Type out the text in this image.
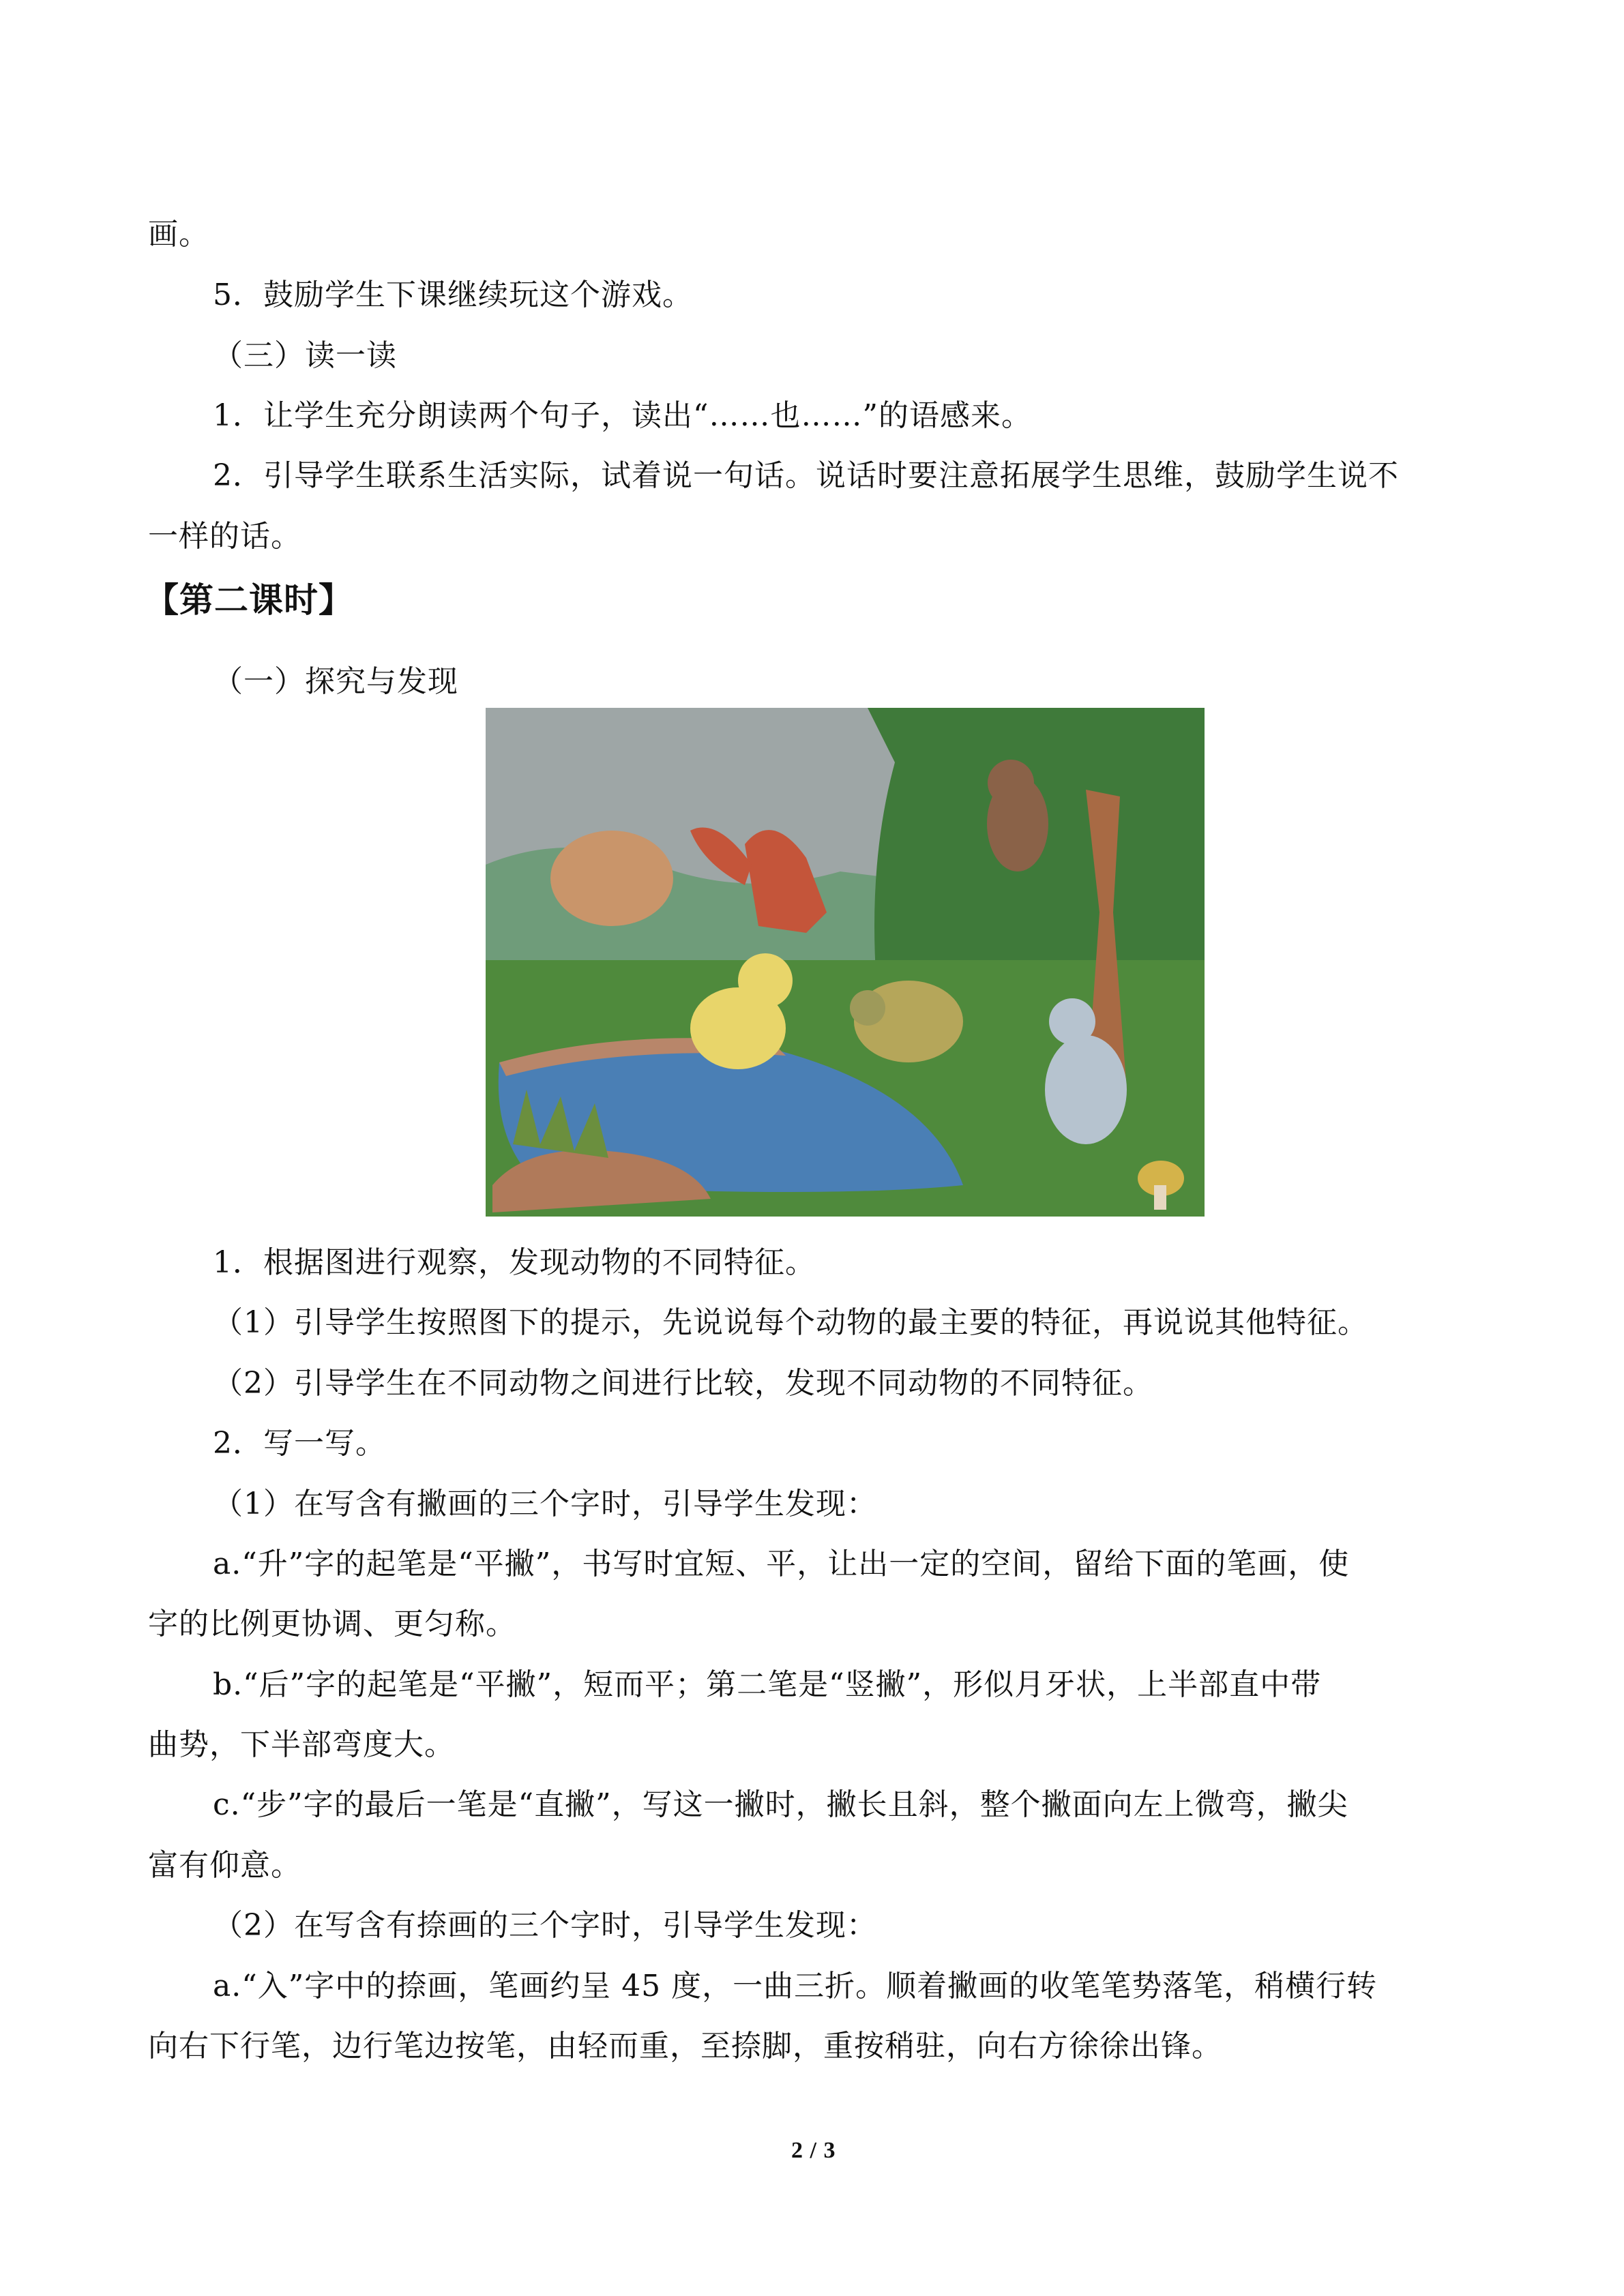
画。
5．鼓励学生下课继续玩这个游戏。
（三）读一读
1．让学生充分朗读两个句子，读出“……也……”的语感来。
2．引导学生联系生活实际，试着说一句话。说话时要注意拓展学生思维，鼓励学生说不
一样的话。
【第二课时】
（一）探究与发现
1．根据图进行观察，发现动物的不同特征。
（1）引导学生按照图下的提示，先说说每个动物的最主要的特征，再说说其他特征。
（2）引导学生在不同动物之间进行比较，发现不同动物的不同特征。
2．写一写。
（1）在写含有撇画的三个字时，引导学生发现：
a.“升”字的起笔是“平撇”，书写时宜短、平，让出一定的空间，留给下面的笔画，使
字的比例更协调、更匀称。
b.“后”字的起笔是“平撇”，短而平；第二笔是“竖撇”，形似月牙状，上半部直中带
曲势，下半部弯度大。
c.“步”字的最后一笔是“直撇”，写这一撇时，撇长且斜，整个撇面向左上微弯，撇尖
富有仰意。
（2）在写含有捺画的三个字时，引导学生发现：
a.“入”字中的捺画，笔画约呈 45 度，一曲三折。顺着撇画的收笔笔势落笔，稍横行转
向右下行笔，边行笔边按笔，由轻而重，至捺脚，重按稍驻，向右方徐徐出锋。
2 / 3
